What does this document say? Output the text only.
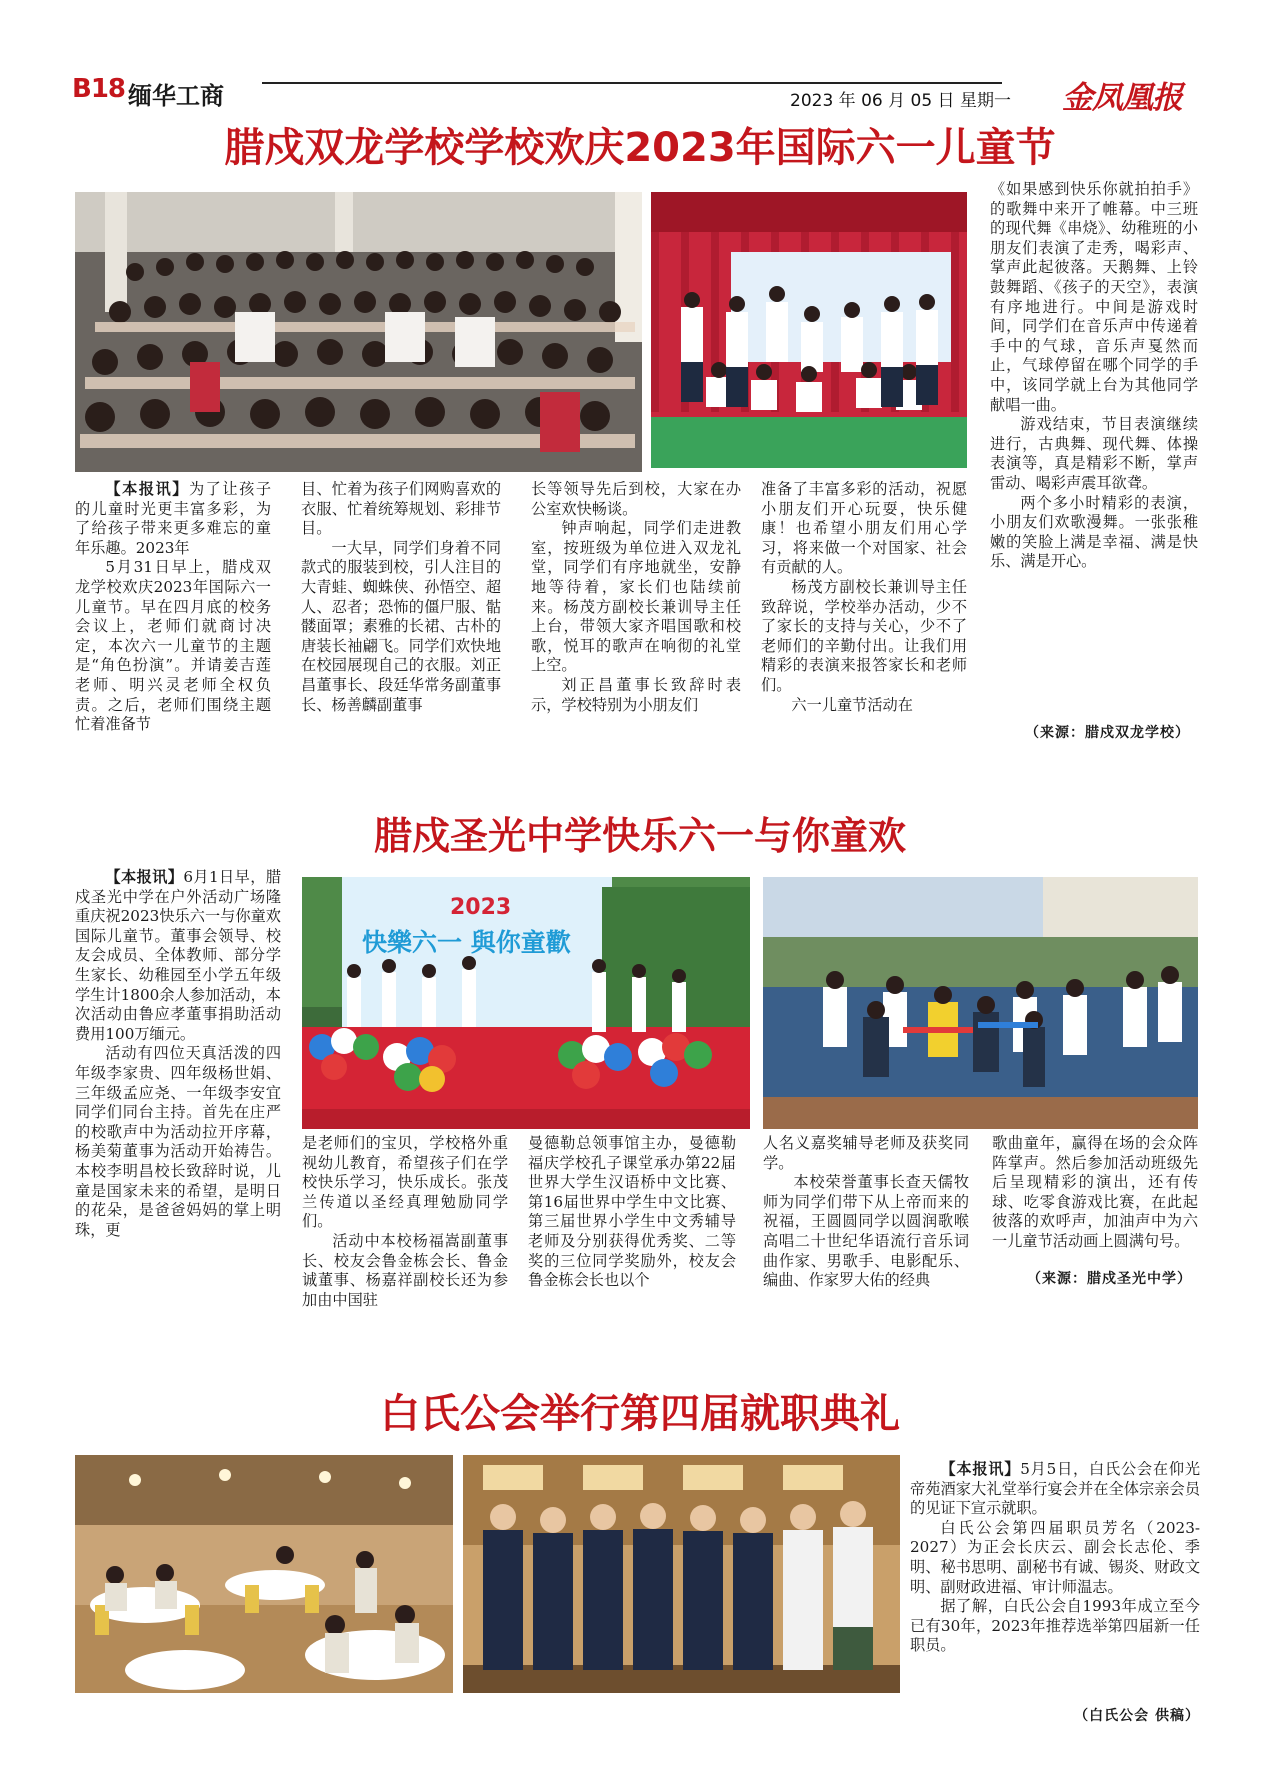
B18 缅华工商	2023 年 06 月 05 日 星期一 金凤凰报
腊戍双龙学校学校欢庆2023年国际六一儿童节

【本报讯】为了让孩子的儿童时光更丰富多彩，为了给孩子带来更多难忘的童年乐趣。2023年

5月31日早上，腊戍双龙学校欢庆2023年国际六一儿童节。早在四月底的校务会议上，老师们就商讨决定，本次六一儿童节的主题是“角色扮演”。并请姜吉莲老师、明兴灵老师全权负责。之后，老师们围绕主题忙着准备节

目、忙着为孩子们网购喜欢的衣服、忙着统筹规划、彩排节目。

一大早，同学们身着不同款式的服装到校，引人注目的大青蛙、蜘蛛侠、孙悟空、超人、忍者；恐怖的僵尸服、骷髅面罩；素雅的长裙、古朴的唐装长袖翩飞。同学们欢快地在校园展现自己的衣服。刘正昌董事长、段廷华常务副董事长、杨善麟副董事

长等领导先后到校，大家在办公室欢快畅谈。

钟声响起，同学们走进教室，按班级为单位进入双龙礼堂，同学们有序地就坐，安静地等待着，家长们也陆续前来。杨茂方副校长兼训导主任上台，带领大家齐唱国歌和校歌，悦耳的歌声在响彻的礼堂上空。

刘正昌董事长致辞时表示，学校特别为小朋友们

准备了丰富多彩的活动，祝愿小朋友们开心玩耍，快乐健康！也希望小朋友们用心学习，将来做一个对国家、社会有贡献的人。

杨茂方副校长兼训导主任致辞说，学校举办活动，少不了家长的支持与关心，少不了老师们的辛勤付出。让我们用精彩的表演来报答家长和老师们。

六一儿童节活动在

《如果感到快乐你就拍拍手》的歌舞中来开了帷幕。中三班的现代舞《串烧》、幼稚班的小朋友们表演了走秀，喝彩声、掌声此起彼落。天鹅舞、上铃鼓舞蹈、《孩子的天空》，表演有序地进行。中间是游戏时间，同学们在音乐声中传递着手中的气球，音乐声戛然而止，气球停留在哪个同学的手中，该同学就上台为其他同学献唱一曲。

游戏结束，节目表演继续进行，古典舞、现代舞、体操表演等，真是精彩不断，掌声雷动、喝彩声震耳欲聋。

两个多小时精彩的表演，小朋友们欢歌漫舞。一张张稚嫩的笑脸上满是幸福、满是快乐、满是开心。

（来源：腊戍双龙学校）
腊戍圣光中学快乐六一与你童欢
2023
快樂六一 與你童歡

【本报讯】6月1日早，腊戍圣光中学在户外活动广场隆重庆祝2023快乐六一与你童欢国际儿童节。董事会领导、校友会成员、全体教师、部分学生家长、幼稚园至小学五年级学生计1800余人参加活动，本次活动由鲁应孝董事捐助活动费用100万缅元。

活动有四位天真活泼的四年级李家贵、四年级杨世娟、三年级孟应尧、一年级李安宜同学们同台主持。首先在庄严的校歌声中为活动拉开序幕，杨美菊董事为活动开始祷告。本校李明昌校长致辞时说，儿童是国家未来的希望，是明日的花朵，是爸爸妈妈的掌上明珠，更

是老师们的宝贝，学校格外重视幼儿教育，希望孩子们在学校快乐学习，快乐成长。张茂兰传道以圣经真理勉励同学们。

活动中本校杨福嵩副董事长、校友会鲁金栋会长、鲁金诚董事、杨嘉祥副校长还为参加由中国驻

曼德勒总领事馆主办，曼德勒福庆学校孔子课堂承办第22届世界大学生汉语桥中文比赛、第16届世界中学生中文比赛、第三届世界小学生中文秀辅导老师及分别获得优秀奖、二等奖的三位同学奖励外，校友会鲁金栋会长也以个

人名义嘉奖辅导老师及获奖同学。

本校荣誉董事长查天儒牧师为同学们带下从上帝而来的祝福，王圆圆同学以圆润歌喉高唱二十世纪华语流行音乐词曲作家、男歌手、电影配乐、编曲、作家罗大佑的经典

歌曲童年，赢得在场的会众阵阵掌声。然后参加活动班级先后呈现精彩的演出，还有传球、吃零食游戏比赛，在此起彼落的欢呼声，加油声中为六一儿童节活动画上圆满句号。

（来源：腊戍圣光中学）
白氏公会举行第四届就职典礼

【本报讯】5月5日，白氏公会在仰光帝苑酒家大礼堂举行宴会并在全体宗亲会员的见证下宣示就职。

白氏公会第四届职员芳名（2023-2027）为正会长庆云、副会长志伦、季明、秘书思明、副秘书有诚、锡炎、财政文明、副财政进福、审计师温志。

据了解，白氏公会自1993年成立至今已有30年，2023年推荐选举第四届新一任职员。

（白氏公会 供稿）
